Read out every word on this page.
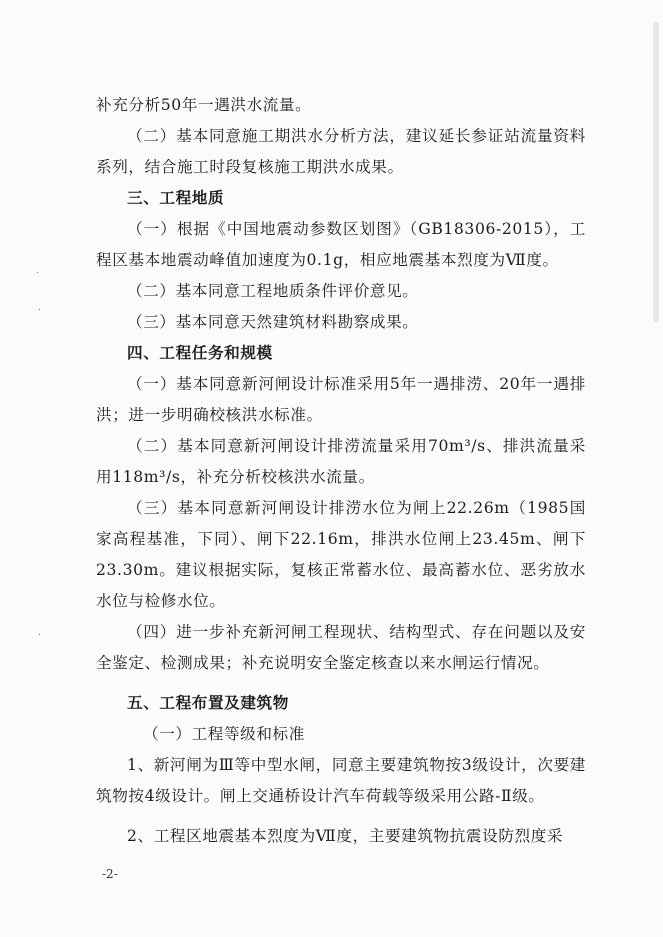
·
·
·

补充分析50年一遇洪水流量。

（二）基本同意施工期洪水分析方法，建议延长参证站流量资料系列，结合施工时段复核施工期洪水成果。

三、工程地质

（一）根据《中国地震动参数区划图》（GB18306-2015），工程区基本地震动峰值加速度为0.1g，相应地震基本烈度为Ⅶ度。

（二）基本同意工程地质条件评价意见。

（三）基本同意天然建筑材料勘察成果。

四、工程任务和规模

（一）基本同意新河闸设计标准采用5年一遇排涝、20年一遇排洪；进一步明确校核洪水标准。

（二）基本同意新河闸设计排涝流量采用70m³/s、排洪流量采用118m³/s，补充分析校核洪水流量。

（三）基本同意新河闸设计排涝水位为闸上22.26m（1985国家高程基准，下同）、闸下22.16m，排洪水位闸上23.45m、闸下23.30m。建议根据实际，复核正常蓄水位、最高蓄水位、恶劣放水水位与检修水位。

（四）进一步补充新河闸工程现状、结构型式、存在问题以及安全鉴定、检测成果；补充说明安全鉴定核查以来水闸运行情况。

五、工程布置及建筑物

（一）工程等级和标准

1、新河闸为Ⅲ等中型水闸，同意主要建筑物按3级设计，次要建筑物按4级设计。闸上交通桥设计汽车荷载等级采用公路-Ⅱ级。

2、工程区地震基本烈度为Ⅶ度，主要建筑物抗震设防烈度采

-2-
